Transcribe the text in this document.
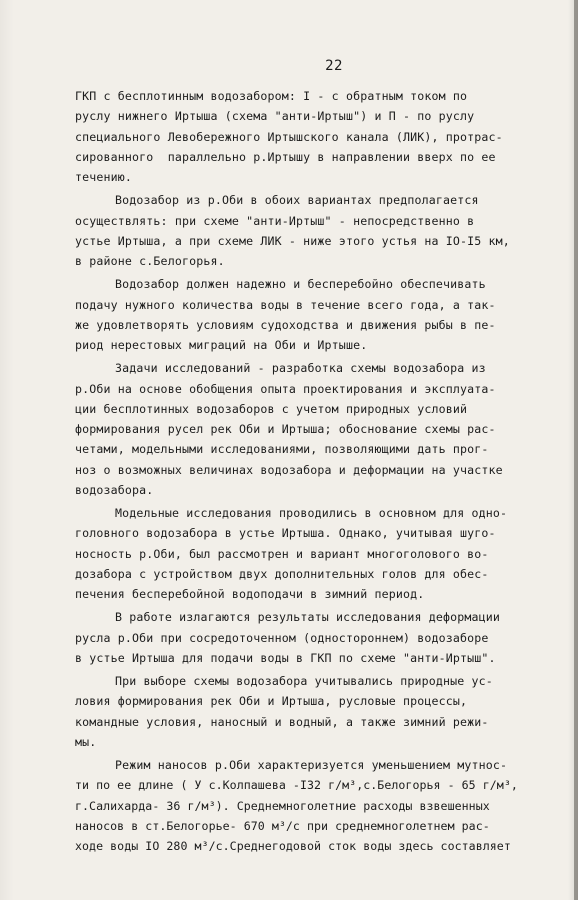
22
ГКП с бесплотинным водозабором: I - с обратным током по
руслу нижнего Иртыша (схема "анти-Иртыш") и П - по руслу
специального Левобережного Иртышского канала (ЛИК), протрас-
сированного  параллельно р.Иртышу в направлении вверх по ее
течению.
Водозабор из р.Оби в обоих вариантах предполагается
осуществлять: при схеме "анти-Иртыш" - непосредственно в
устье Иртыша, а при схеме ЛИК - ниже этого устья на IO-I5 км,
в районе с.Белогорья.
Водозабор должен надежно и бесперебойно обеспечивать
подачу нужного количества воды в течение всего года, а так-
же удовлетворять условиям судоходства и движения рыбы в пе-
риод нерестовых миграций на Оби и Иртыше.
Задачи исследований - разработка схемы водозабора из
р.Оби на основе обобщения опыта проектирования и эксплуата-
ции бесплотинных водозаборов с учетом природных условий
формирования русел рек Оби и Иртыша; обоснование схемы рас-
четами, модельными исследованиями, позволяющими дать прог-
ноз о возможных величинах водозабора и деформации на участке
водозабора.
Модельные исследования проводились в основном для одно-
головного водозабора в устье Иртыша. Однако, учитывая шуго-
носность р.Оби, был рассмотрен и вариант многоголового во-
дозабора с устройством двух дополнительных голов для обес-
печения бесперебойной водоподачи в зимний период.
В работе излагаются результаты исследования деформации
русла р.Оби при сосредоточенном (одностороннем) водозаборе
в устье Иртыша для подачи воды в ГКП по схеме "анти-Иртыш".
При выборе схемы водозабора учитывались природные ус-
ловия формирования рек Оби и Иртыша, русловые процессы,
командные условия, наносный и водный, а также зимний режи-
мы.
Режим наносов р.Оби характеризуется уменьшением мутнос-
ти по ее длине ( У с.Колпашева -I32 г/м³,с.Белогорья - 65 г/м³,
г.Салихарда- 36 г/м³). Среднемноголетние расходы взвешенных
наносов в ст.Белогорье- 670 м³/с при среднемноголетнем рас-
ходе воды IO 280 м³/с.Среднегодовой сток воды здесь составляет
